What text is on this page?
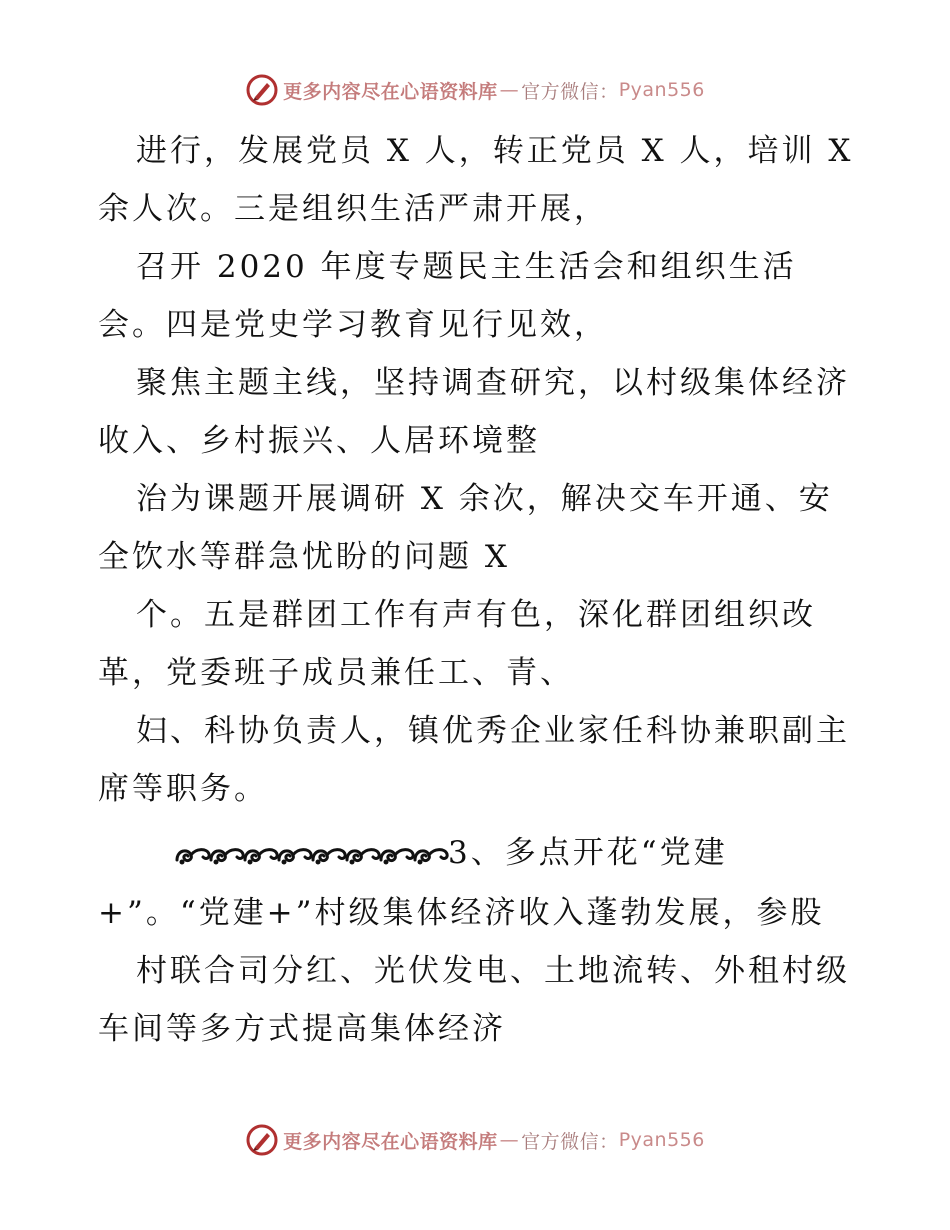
更多内容尽在心语资料库 — 官方微信： Pyan556

进行，发展党员 X 人，转正党员 X 人，培训 X 余人次。三是组织生活严肃开展，

召开 2020 年度专题民主生活会和组织生活会。四是党史学习教育见行见效，

聚焦主题主线，坚持调查研究，以村级集体经济收入、乡村振兴、人居环境整

治为课题开展调研 X 余次，解决交车开通、安全饮水等群急忧盼的问题 X

个。五是群团工作有声有色，深化群团组织改革，党委班子成员兼任工、青、

妇、科协负责人，镇优秀企业家任科协兼职副主席等职务。

3、多点开花“党建+”。“党建+”村级集体经济收入蓬勃发展，参股

村联合司分红、光伏发电、土地流转、外租村级车间等多方式提高集体经济

更多内容尽在心语资料库 — 官方微信： Pyan556
